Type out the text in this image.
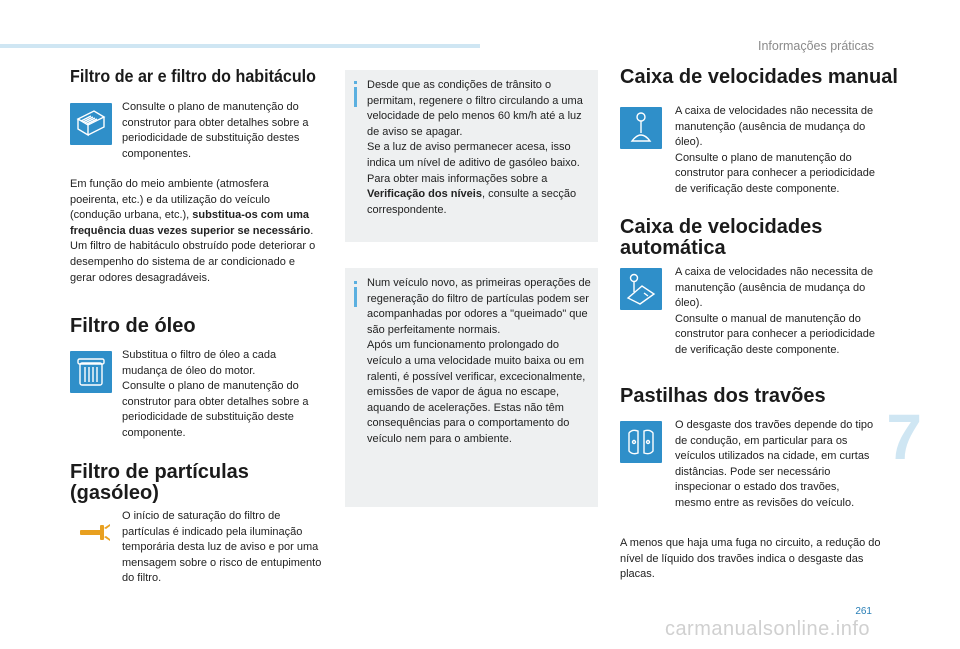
Informações práticas
Filtro de ar e filtro do habitáculo
Consulte o plano de manutenção do construtor para obter detalhes sobre a periodicidade de substituição destes componentes.
Em função do meio ambiente (atmosfera poeirenta, etc.) e da utilização do veículo (condução urbana, etc.), substitua-os com uma frequência duas vezes superior se necessário.
Um filtro de habitáculo obstruído pode deteriorar o desempenho do sistema de ar condicionado e gerar odores desagradáveis.
Filtro de óleo
Substitua o filtro de óleo a cada mudança de óleo do motor.
Consulte o plano de manutenção do construtor para obter detalhes sobre a periodicidade de substituição deste componente.
Filtro de partículas
(gasóleo)
O início de saturação do filtro de partículas é indicado pela iluminação temporária desta luz de aviso e por uma mensagem sobre o risco de entupimento do filtro.
Desde que as condições de trânsito o permitam, regenere o filtro circulando a uma velocidade de pelo menos 60 km/h até a luz de aviso se apagar.
Se a luz de aviso permanecer acesa, isso indica um nível de aditivo de gasóleo baixo.
Para obter mais informações sobre a Verificação dos níveis, consulte a secção correspondente.
Num veículo novo, as primeiras operações de regeneração do filtro de partículas podem ser acompanhadas por odores a "queimado" que são perfeitamente normais.
Após um funcionamento prolongado do veículo a uma velocidade muito baixa ou em ralenti, é possível verificar, excecionalmente, emissões de vapor de água no escape, aquando de acelerações. Estas não têm consequências para o comportamento do veículo nem para o ambiente.
Caixa de velocidades manual
A caixa de velocidades não necessita de manutenção (ausência de mudança do óleo).
Consulte o plano de manutenção do construtor para conhecer a periodicidade de verificação deste componente.
Caixa de velocidades
automática
A caixa de velocidades não necessita de manutenção (ausência de mudança do óleo).
Consulte o manual de manutenção do construtor para conhecer a periodicidade de verificação deste componente.
Pastilhas dos travões
O desgaste dos travões depende do tipo de condução, em particular para os veículos utilizados na cidade, em curtas distâncias. Pode ser necessário inspecionar o estado dos travões, mesmo entre as revisões do veículo.
A menos que haja uma fuga no circuito, a redução do nível de líquido dos travões indica o desgaste das placas.
7
261
carmanualsonline.info
